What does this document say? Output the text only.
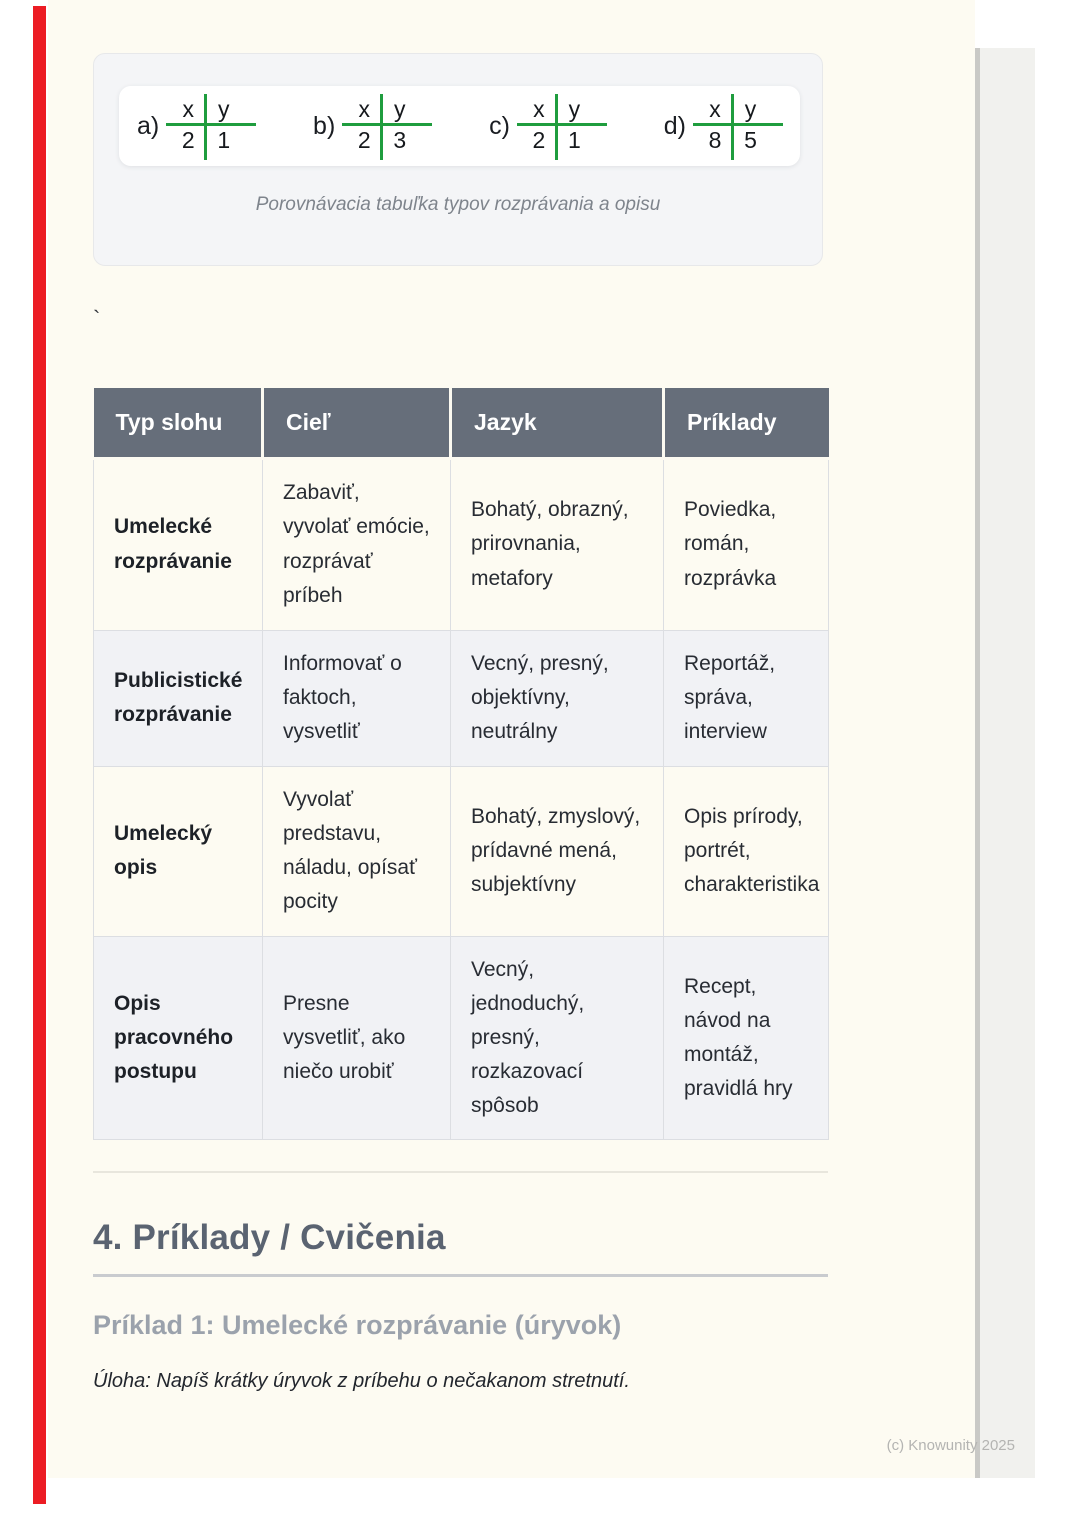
a)
x	y
2 1
b)
x	y
2 3
c)
x	y
2 1
d)
x	y
8 5
Porovnávacia tabuľka typov rozprávania a opisu
`
Typ slohu	Cieľ	Jazyk	Príklady
Umelecké rozprávanie	Zabaviť, vyvolať emócie, rozprávať príbeh	Bohatý, obrazný, prirovnania, metafory	Poviedka, román, rozprávka
Publicistické rozprávanie	Informovať o faktoch, vysvetliť	Vecný, presný, objektívny, neutrálny	Reportáž, správa, interview
Umelecký opis	Vyvolať predstavu, náladu, opísať pocity	Bohatý, zmyslový, prídavné mená, subjektívny	Opis prírody, portrét, charakteristika
Opis pracovného postupu	Presne vysvetliť, ako niečo urobiť	Vecný, jednoduchý, presný, rozkazovací spôsob	Recept, návod na montáž, pravidlá hry
4. Príklady / Cvičenia
Príklad 1: Umelecké rozprávanie (úryvok)

Úloha: Napíš krátky úryvok z príbehu o nečakanom stretnutí.

(c) Knowunity 2025
